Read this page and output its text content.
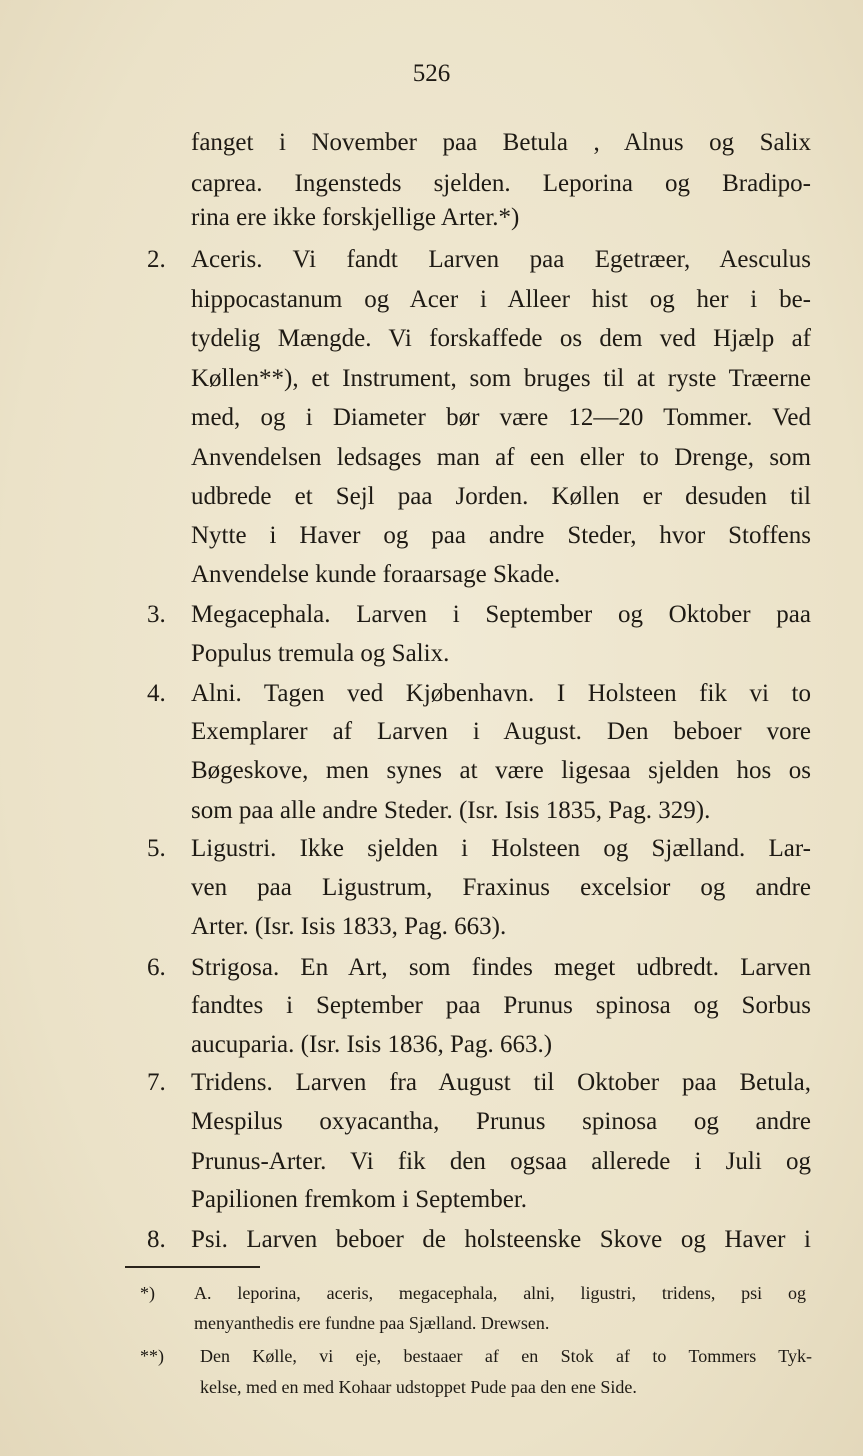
526
fanget i November paa Betula , Alnus og Salix
caprea. Ingensteds sjelden. Leporina og Bradipo-
rina ere ikke forskjellige Arter.*)
2.	Aceris. Vi fandt Larven paa Egetræer, Aesculus
hippocastanum og Acer i Alleer hist og her i be-
tydelig Mængde. Vi forskaffede os dem ved Hjælp af
Køllen**), et Instrument, som bruges til at ryste Træerne
med, og i Diameter bør være 12—20 Tommer. Ved
Anvendelsen ledsages man af een eller to Drenge, som
udbrede et Sejl paa Jorden. Køllen er desuden til
Nytte i Haver og paa andre Steder, hvor Stoffens
Anvendelse kunde foraarsage Skade.
3.	Megacephala. Larven i September og Oktober paa
Populus tremula og Salix.
4.	Alni. Tagen ved Kjøbenhavn. I Holsteen fik vi to
Exemplarer af Larven i August. Den beboer vore
Bøgeskove, men synes at være ligesaa sjelden hos os
som paa alle andre Steder. (Isr. Isis 1835, Pag. 329).
5.	Ligustri. Ikke sjelden i Holsteen og Sjælland. Lar-
ven paa Ligustrum, Fraxinus excelsior og andre
Arter. (Isr. Isis 1833, Pag. 663).
6.	Strigosa. En Art, som findes meget udbredt. Larven
fandtes i September paa Prunus spinosa og Sorbus
aucuparia. (Isr. Isis 1836, Pag. 663.)
7.	Tridens. Larven fra August til Oktober paa Betula,
Mespilus oxyacantha, Prunus spinosa og andre
Prunus-Arter. Vi fik den ogsaa allerede i Juli og
Papilionen fremkom i September.
8.	Psi. Larven beboer de holsteenske Skove og Haver i
*) A. leporina, aceris, megacephala, alni, ligustri, tridens, psi og
menyanthedis ere fundne paa Sjælland. Drewsen.
**) Den Kølle, vi eje, bestaaer af en Stok af to Tommers Tyk-
kelse, med en med Kohaar udstoppet Pude paa den ene Side.
